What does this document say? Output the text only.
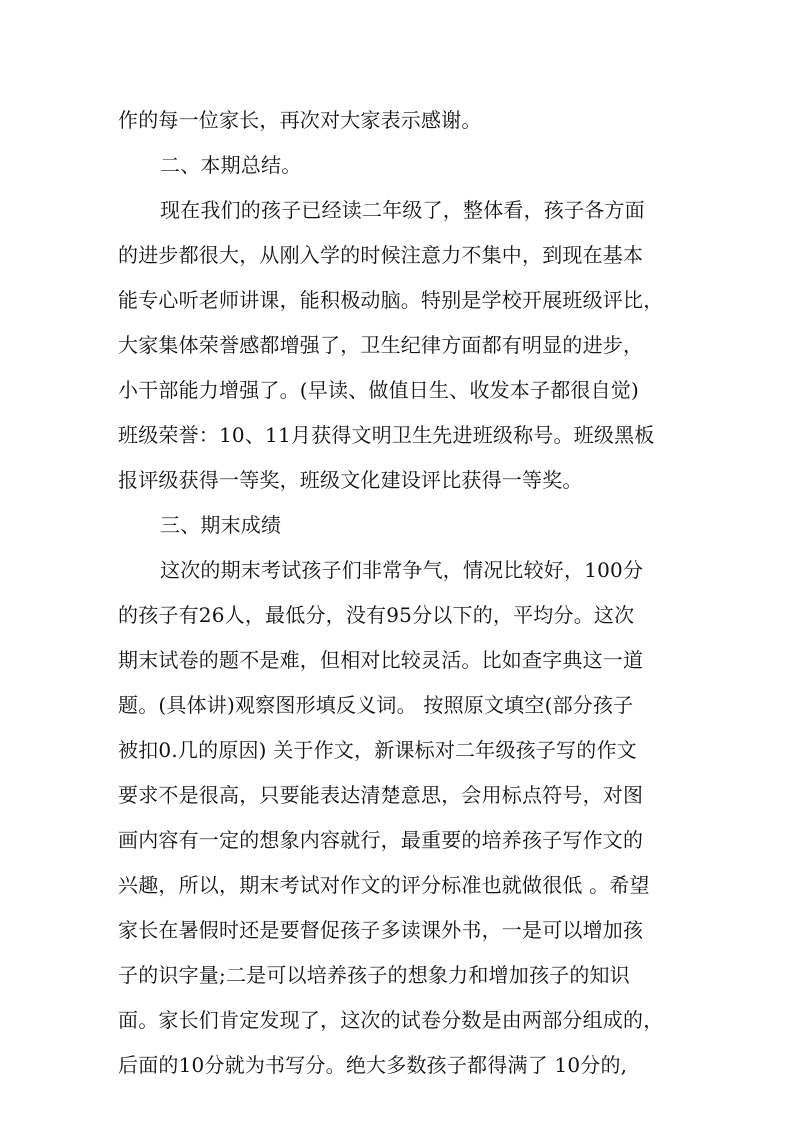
作的每一位家长，再次对大家表示感谢。
二、本期总结。
现在我们的孩子已经读二年级了，整体看，孩子各方面
的进步都很大，从刚入学的时候注意力不集中，到现在基本
能专心听老师讲课，能积极动脑。特别是学校开展班级评比，
大家集体荣誉感都增强了，卫生纪律方面都有明显的进步，
小干部能力增强了。(早读、做值日生、收发本子都很自觉)
班级荣誉：10、11月获得文明卫生先进班级称号。班级黑板
报评级获得一等奖，班级文化建设评比获得一等奖。
三、期末成绩
这次的期末考试孩子们非常争气，情况比较好，100分
的孩子有26人，最低分，没有95分以下的，平均分。这次
期末试卷的题不是难，但相对比较灵活。比如查字典这一道
题。(具体讲)观察图形填反义词。 按照原文填空(部分孩子
被扣0.几的原因) 关于作文，新课标对二年级孩子写的作文
要求不是很高，只要能表达清楚意思，会用标点符号，对图
画内容有一定的想象内容就行，最重要的培养孩子写作文的
兴趣，所以，期末考试对作文的评分标准也就做很低 。希望
家长在暑假时还是要督促孩子多读课外书，一是可以增加孩
子的识字量;二是可以培养孩子的想象力和增加孩子的知识
面。家长们肯定发现了，这次的试卷分数是由两部分组成的，
后面的10分就为书写分。绝大多数孩子都得满了 10分的,
